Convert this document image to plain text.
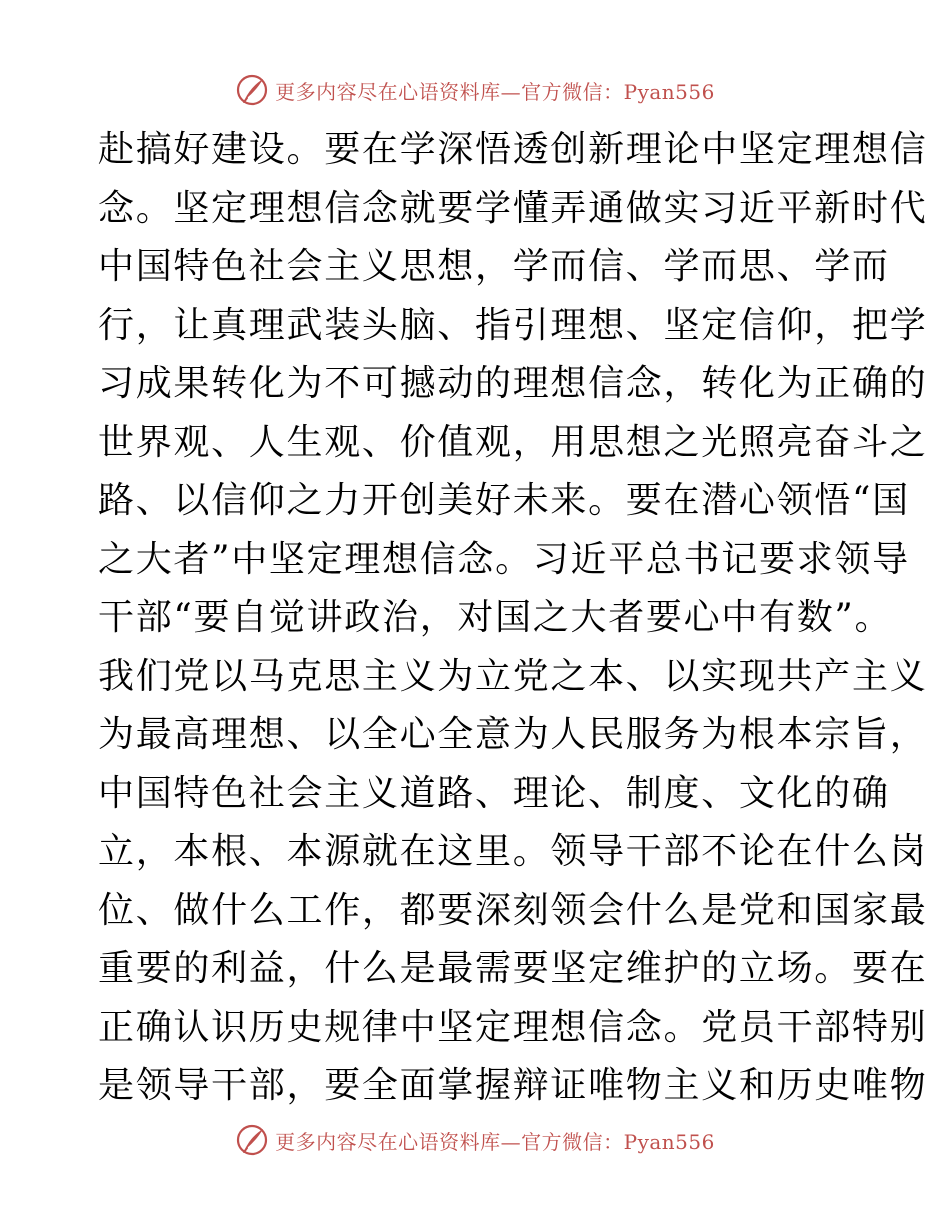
更多内容尽在心语资料库—官方微信：Pyan556
赴搞好建设。要在学深悟透创新理论中坚定理想信
念。坚定理想信念就要学懂弄通做实习近平新时代
中国特色社会主义思想，学而信、学而思、学而
行，让真理武装头脑、指引理想、坚定信仰，把学
习成果转化为不可撼动的理想信念，转化为正确的
世界观、人生观、价值观，用思想之光照亮奋斗之
路、以信仰之力开创美好未来。要在潜心领悟“国
之大者”中坚定理想信念。习近平总书记要求领导
干部“要自觉讲政治，对国之大者要心中有数”。
我们党以马克思主义为立党之本、以实现共产主义
为最高理想、以全心全意为人民服务为根本宗旨，
中国特色社会主义道路、理论、制度、文化的确
立，本根、本源就在这里。领导干部不论在什么岗
位、做什么工作，都要深刻领会什么是党和国家最
重要的利益，什么是最需要坚定维护的立场。要在
正确认识历史规律中坚定理想信念。党员干部特别
是领导干部，要全面掌握辩证唯物主义和历史唯物
更多内容尽在心语资料库—官方微信：Pyan556
